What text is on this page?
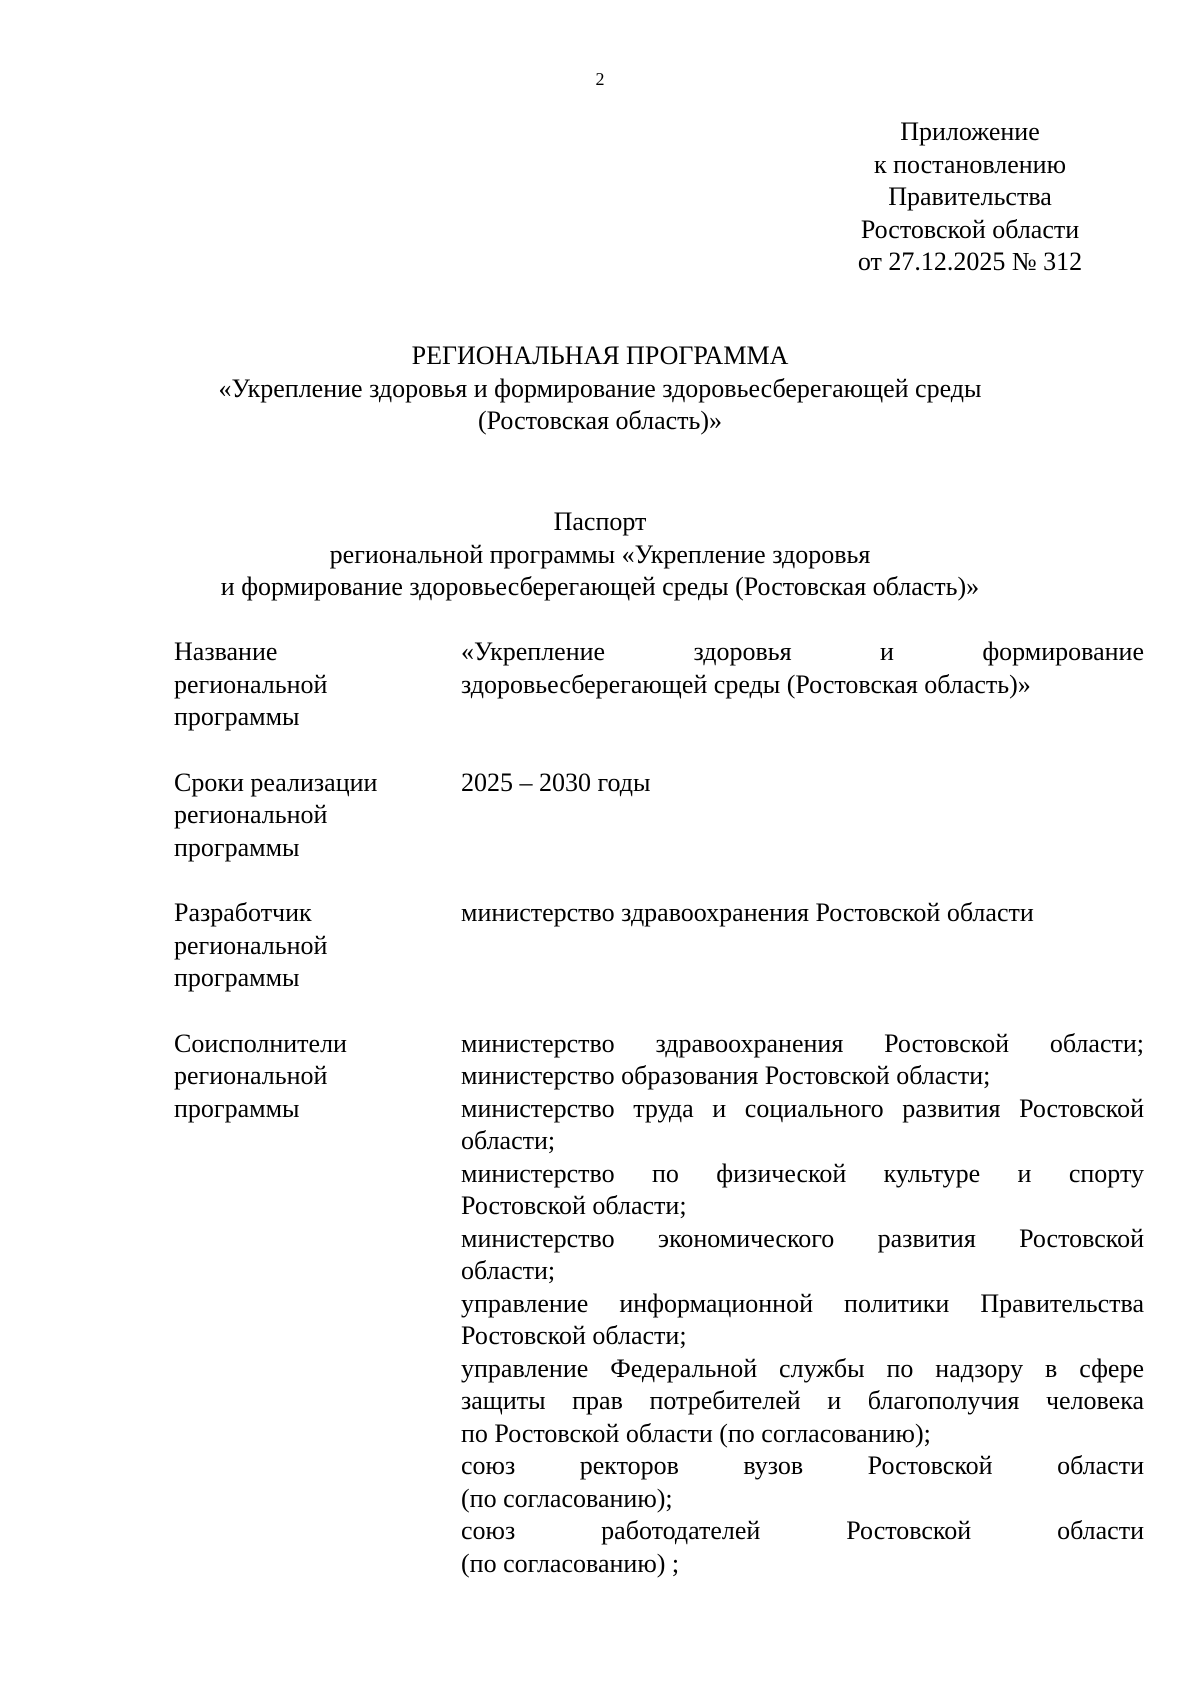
2
Приложение
к постановлению
Правительства
Ростовской области
от 27.12.2025 № 312
РЕГИОНАЛЬНАЯ ПРОГРАММА
«Укрепление здоровья и формирование здоровьесберегающей среды
(Ростовская область)»
Паспорт
региональной программы «Укрепление здоровья
и формирование здоровьесберегающей среды (Ростовская область)»
Название
региональной
программы
«Укрепление здоровья и формирование
здоровьесберегающей среды (Ростовская область)»
Сроки реализации
региональной
программы
2025 – 2030 годы
Разработчик
региональной
программы
министерство здравоохранения Ростовской области
Соисполнители
региональной
программы
министерство здравоохранения Ростовской области;
министерство образования Ростовской области;
министерство труда и социального развития Ростовской
области;
министерство по физической культуре и спорту
Ростовской области;
министерство экономического развития Ростовской
области;
управление информационной политики Правительства
Ростовской области;
управление Федеральной службы по надзору в сфере
защиты прав потребителей и благополучия человека
по Ростовской области (по согласованию);
союз ректоров вузов Ростовской области
(по согласованию);
союз работодателей Ростовской области
(по согласованию) ;
